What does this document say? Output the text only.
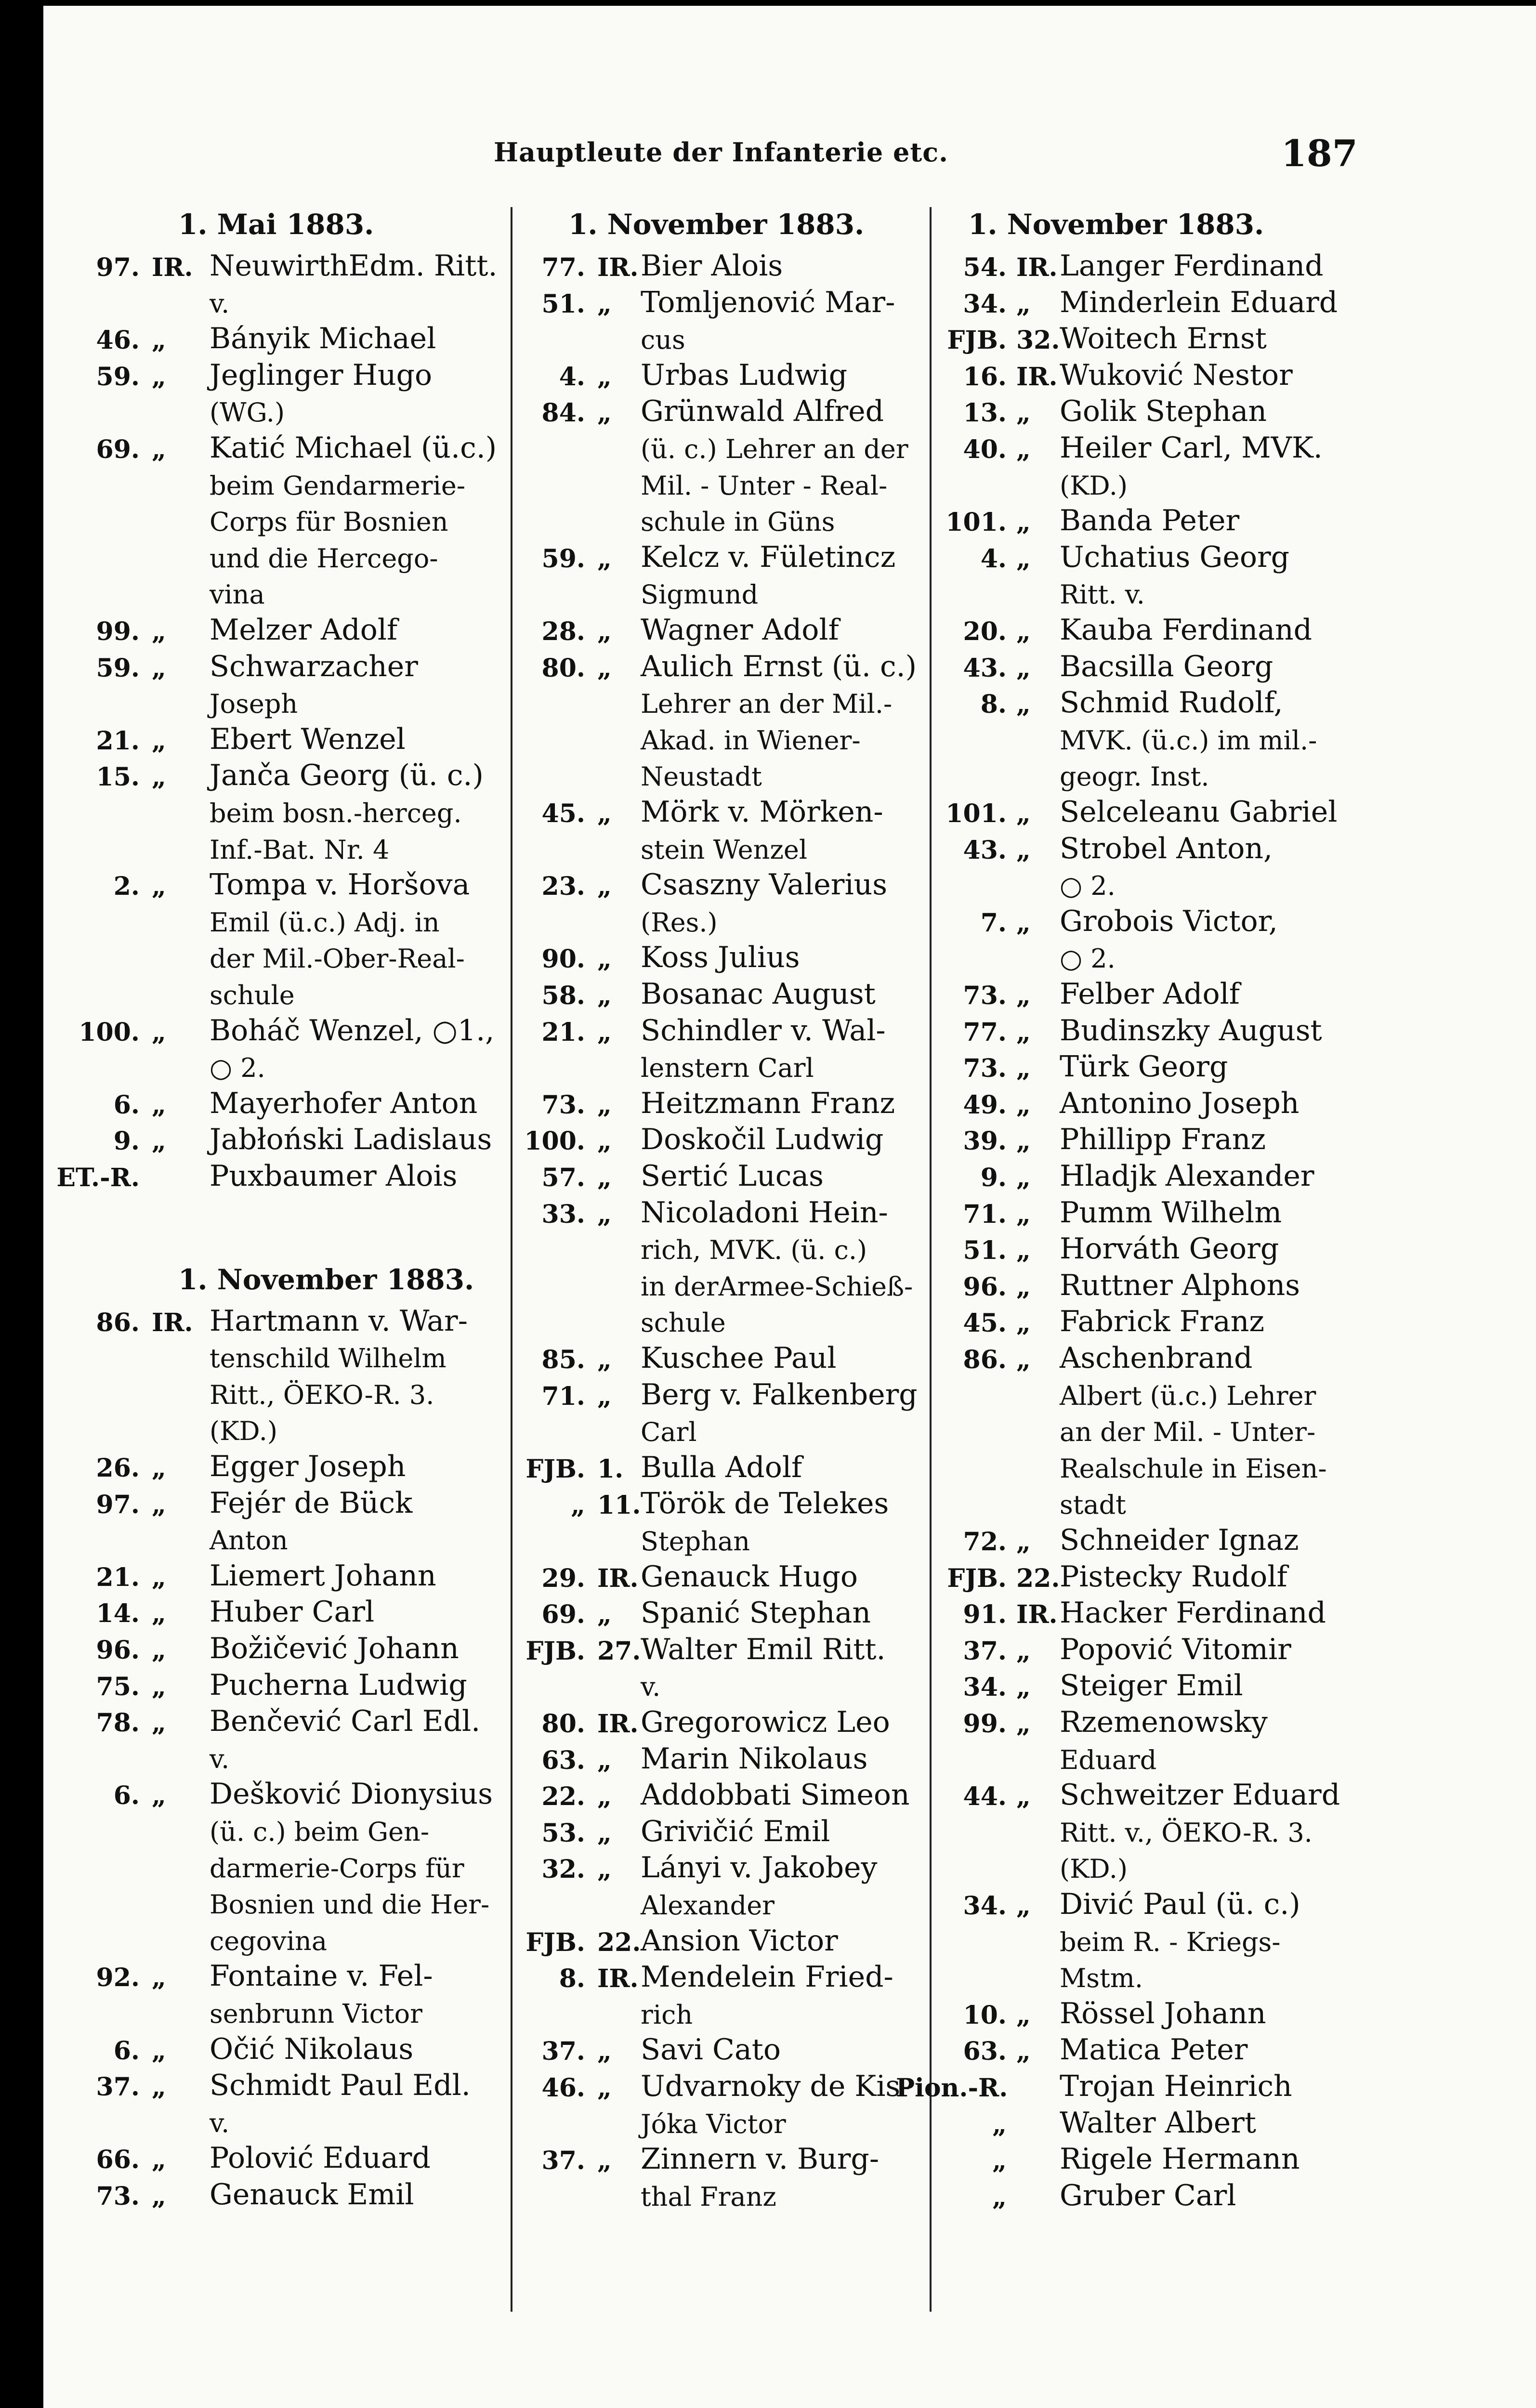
Hauptleute der Infanterie etc.	187
1. Mai 1883.
97. IR. NeuwirthEdm. Ritt.
v.
46. „ Bányik Michael
59. „ Jeglinger Hugo
(WG.)
69. „ Katić Michael (ü.c.)
beim Gendarmerie-
Corps für Bosnien
und die Hercego-
vina
99. „ Melzer Adolf
59. „ Schwarzacher
Joseph
21. „ Ebert Wenzel
15. „ Janča Georg (ü. c.)
beim bosn.-herceg.
Inf.-Bat. Nr. 4
2. „ Tompa v. Horšova
Emil (ü.c.) Adj. in
der Mil.-Ober-Real-
schule
100. „ Boháč Wenzel, ○1.,
○ 2.
6. „ Mayerhofer Anton
9. „ Jabłoński Ladislaus
ET.-R. Puxbaumer Alois
1. November 1883.
86. IR. Hartmann v. War-
tenschild Wilhelm
Ritt., ÖEKO-R. 3.
(KD.)
26. „ Egger Joseph
97. „ Fejér de Bück
Anton
21. „ Liemert Johann
14. „ Huber Carl
96. „ Božičević Johann
75. „ Pucherna Ludwig
78. „ Benčević Carl Edl.
v.
6. „ Dešković Dionysius
(ü. c.) beim Gen-
darmerie-Corps für
Bosnien und die Her-
cegovina
92. „ Fontaine v. Fel-
senbrunn Victor
6. „ Očić Nikolaus
37. „ Schmidt Paul Edl.
v.
66. „ Polović Eduard
73. „ Genauck Emil
1. November 1883.
77. IR. Bier Alois
51. „ Tomljenović Mar-
cus
4. „ Urbas Ludwig
84. „ Grünwald Alfred
(ü. c.) Lehrer an der
Mil. - Unter - Real-
schule in Güns
59. „ Kelcz v. Fületincz
Sigmund
28. „ Wagner Adolf
80. „ Aulich Ernst (ü. c.)
Lehrer an der Mil.-
Akad. in Wiener-
Neustadt
45. „ Mörk v. Mörken-
stein Wenzel
23. „ Csaszny Valerius
(Res.)
90. „ Koss Julius
58. „ Bosanac August
21. „ Schindler v. Wal-
lenstern Carl
73. „ Heitzmann Franz
100. „ Doskočil Ludwig
57. „ Sertić Lucas
33. „ Nicoladoni Hein-
rich, MVK. (ü. c.)
in derArmee-Schieß-
schule
85. „ Kuschee Paul
71. „ Berg v. Falkenberg
Carl
FJB. 1. Bulla Adolf
„ 11. Török de Telekes
Stephan
29. IR. Genauck Hugo
69. „ Spanić Stephan
FJB. 27. Walter Emil Ritt.
v.
80. IR. Gregorowicz Leo
63. „ Marin Nikolaus
22. „ Addobbati Simeon
53. „ Grivičić Emil
32. „ Lányi v. Jakobey
Alexander
FJB. 22. Ansion Victor
8. IR. Mendelein Fried-
rich
37. „ Savi Cato
46. „ Udvarnoky de Kis-
Jóka Victor
37. „ Zinnern v. Burg-
thal Franz
1. November 1883.
54. IR. Langer Ferdinand
34. „ Minderlein Eduard
FJB. 32. Woitech Ernst
16. IR. Wuković Nestor
13. „ Golik Stephan
40. „ Heiler Carl, MVK.
(KD.)
101. „ Banda Peter
4. „ Uchatius Georg
Ritt. v.
20. „ Kauba Ferdinand
43. „ Bacsilla Georg
8. „ Schmid Rudolf,
MVK. (ü.c.) im mil.-
geogr. Inst.
101. „ Selceleanu Gabriel
43. „ Strobel Anton,
○ 2.
7. „ Grobois Victor,
○ 2.
73. „ Felber Adolf
77. „ Budinszky August
73. „ Türk Georg
49. „ Antonino Joseph
39. „ Phillipp Franz
9. „ Hladjk Alexander
71. „ Pumm Wilhelm
51. „ Horváth Georg
96. „ Ruttner Alphons
45. „ Fabrick Franz
86. „ Aschenbrand
Albert (ü.c.) Lehrer
an der Mil. - Unter-
Realschule in Eisen-
stadt
72. „ Schneider Ignaz
FJB. 22. Pistecky Rudolf
91. IR. Hacker Ferdinand
37. „ Popović Vitomir
34. „ Steiger Emil
99. „ Rzemenowsky
Eduard
44. „ Schweitzer Eduard
Ritt. v., ÖEKO-R. 3.
(KD.)
34. „ Divić Paul (ü. c.)
beim R. - Kriegs-
Mstm.
10. „ Rössel Johann
63. „ Matica Peter
Pion.-R. Trojan Heinrich
„ Walter Albert
„ Rigele Hermann
„ Gruber Carl
